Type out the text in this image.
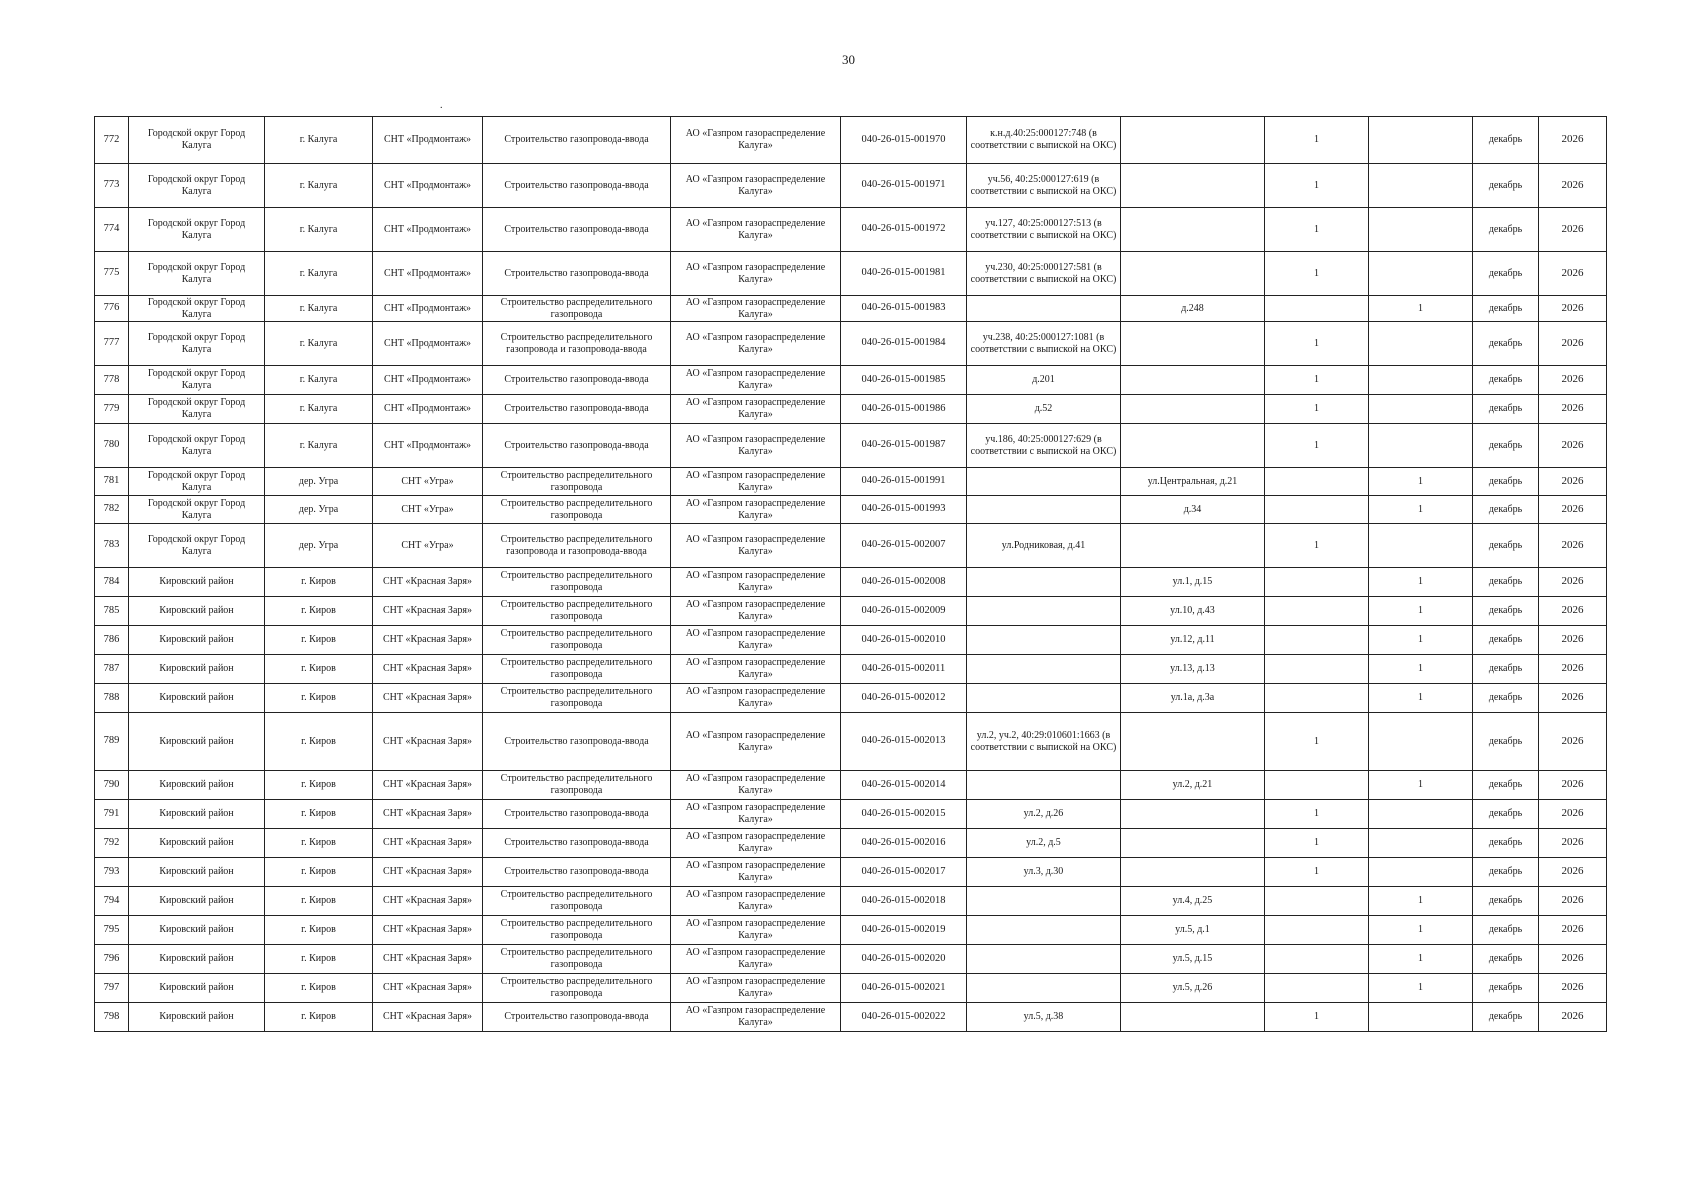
30
.
772	Городской округ Город Калуга	г. Калуга	СНТ «Продмонтаж»	Строительство газопровода-ввода	АО «Газпром газораспределение Калуга»	040-26-015-001970	к.н.д.40:25:000127:748 (в соответствии с выпиской на ОКС)		1		декабрь	2026
773	Городской округ Город Калуга	г. Калуга	СНТ «Продмонтаж»	Строительство газопровода-ввода	АО «Газпром газораспределение Калуга»	040-26-015-001971	уч.56, 40:25:000127:619 (в соответствии с выпиской на ОКС)		1		декабрь	2026
774	Городской округ Город Калуга	г. Калуга	СНТ «Продмонтаж»	Строительство газопровода-ввода	АО «Газпром газораспределение Калуга»	040-26-015-001972	уч.127, 40:25:000127:513 (в соответствии с выпиской на ОКС)		1		декабрь	2026
775	Городской округ Город Калуга	г. Калуга	СНТ «Продмонтаж»	Строительство газопровода-ввода	АО «Газпром газораспределение Калуга»	040-26-015-001981	уч.230, 40:25:000127:581 (в соответствии с выпиской на ОКС)		1		декабрь	2026
776	Городской округ Город Калуга	г. Калуга	СНТ «Продмонтаж»	Строительство распределительного газопровода	АО «Газпром газораспределение Калуга»	040-26-015-001983		д.248		1	декабрь	2026
777	Городской округ Город Калуга	г. Калуга	СНТ «Продмонтаж»	Строительство распределительного газопровода и газопровода-ввода	АО «Газпром газораспределение Калуга»	040-26-015-001984	уч.238, 40:25:000127:1081 (в соответствии с выпиской на ОКС)		1		декабрь	2026
778	Городской округ Город Калуга	г. Калуга	СНТ «Продмонтаж»	Строительство газопровода-ввода	АО «Газпром газораспределение Калуга»	040-26-015-001985	д.201		1		декабрь	2026
779	Городской округ Город Калуга	г. Калуга	СНТ «Продмонтаж»	Строительство газопровода-ввода	АО «Газпром газораспределение Калуга»	040-26-015-001986	д.52		1		декабрь	2026
780	Городской округ Город Калуга	г. Калуга	СНТ «Продмонтаж»	Строительство газопровода-ввода	АО «Газпром газораспределение Калуга»	040-26-015-001987	уч.186, 40:25:000127:629 (в соответствии с выпиской на ОКС)		1		декабрь	2026
781	Городской округ Город Калуга	дер. Угра	СНТ «Угра»	Строительство распределительного газопровода	АО «Газпром газораспределение Калуга»	040-26-015-001991		ул.Центральная, д.21		1	декабрь	2026
782	Городской округ Город Калуга	дер. Угра	СНТ «Угра»	Строительство распределительного газопровода	АО «Газпром газораспределение Калуга»	040-26-015-001993		д.34		1	декабрь	2026
783	Городской округ Город Калуга	дер. Угра	СНТ «Угра»	Строительство распределительного газопровода и газопровода-ввода	АО «Газпром газораспределение Калуга»	040-26-015-002007	ул.Родниковая, д.41		1		декабрь	2026
784	Кировский район	г. Киров	СНТ «Красная Заря»	Строительство распределительного газопровода	АО «Газпром газораспределение Калуга»	040-26-015-002008		ул.1, д.15		1	декабрь	2026
785	Кировский район	г. Киров	СНТ «Красная Заря»	Строительство распределительного газопровода	АО «Газпром газораспределение Калуга»	040-26-015-002009		ул.10, д.43		1	декабрь	2026
786	Кировский район	г. Киров	СНТ «Красная Заря»	Строительство распределительного газопровода	АО «Газпром газораспределение Калуга»	040-26-015-002010		ул.12, д.11		1	декабрь	2026
787	Кировский район	г. Киров	СНТ «Красная Заря»	Строительство распределительного газопровода	АО «Газпром газораспределение Калуга»	040-26-015-002011		ул.13, д.13		1	декабрь	2026
788	Кировский район	г. Киров	СНТ «Красная Заря»	Строительство распределительного газопровода	АО «Газпром газораспределение Калуга»	040-26-015-002012		ул.1а, д.3а		1	декабрь	2026
789	Кировский район	г. Киров	СНТ «Красная Заря»	Строительство газопровода-ввода	АО «Газпром газораспределение Калуга»	040-26-015-002013	ул.2, уч.2, 40:29:010601:1663 (в соответствии с выпиской на ОКС)		1		декабрь	2026
790	Кировский район	г. Киров	СНТ «Красная Заря»	Строительство распределительного газопровода	АО «Газпром газораспределение Калуга»	040-26-015-002014		ул.2, д.21		1	декабрь	2026
791	Кировский район	г. Киров	СНТ «Красная Заря»	Строительство газопровода-ввода	АО «Газпром газораспределение Калуга»	040-26-015-002015	ул.2, д.26		1		декабрь	2026
792	Кировский район	г. Киров	СНТ «Красная Заря»	Строительство газопровода-ввода	АО «Газпром газораспределение Калуга»	040-26-015-002016	ул.2, д.5		1		декабрь	2026
793	Кировский район	г. Киров	СНТ «Красная Заря»	Строительство газопровода-ввода	АО «Газпром газораспределение Калуга»	040-26-015-002017	ул.3, д.30		1		декабрь	2026
794	Кировский район	г. Киров	СНТ «Красная Заря»	Строительство распределительного газопровода	АО «Газпром газораспределение Калуга»	040-26-015-002018		ул.4, д.25		1	декабрь	2026
795	Кировский район	г. Киров	СНТ «Красная Заря»	Строительство распределительного газопровода	АО «Газпром газораспределение Калуга»	040-26-015-002019		ул.5, д.1		1	декабрь	2026
796	Кировский район	г. Киров	СНТ «Красная Заря»	Строительство распределительного газопровода	АО «Газпром газораспределение Калуга»	040-26-015-002020		ул.5, д.15		1	декабрь	2026
797	Кировский район	г. Киров	СНТ «Красная Заря»	Строительство распределительного газопровода	АО «Газпром газораспределение Калуга»	040-26-015-002021		ул.5, д.26		1	декабрь	2026
798	Кировский район	г. Киров	СНТ «Красная Заря»	Строительство газопровода-ввода	АО «Газпром газораспределение Калуга»	040-26-015-002022	ул.5, д.38		1		декабрь	2026
